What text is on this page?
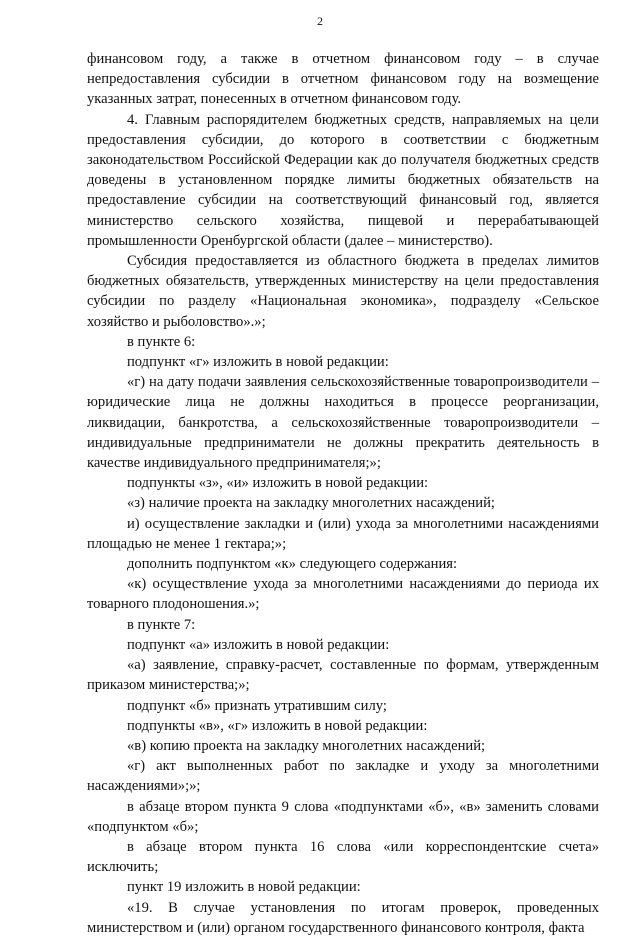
2

финансовом году, а также в отчетном финансовом году – в случае непредоставления субсидии в отчетном финансовом году на возмещение указанных затрат, понесенных в отчетном финансовом году.

4. Главным распорядителем бюджетных средств, направляемых на цели предоставления субсидии, до которого в соответствии с бюджетным законодательством Российской Федерации как до получателя бюджетных средств доведены в установленном порядке лимиты бюджетных обязательств на предоставление субсидии на соответствующий финансовый год, является министерство сельского хозяйства, пищевой и перерабатывающей промышленности Оренбургской области (далее – министерство).

Субсидия предоставляется из областного бюджета в пределах лимитов бюджетных обязательств, утвержденных министерству на цели предоставления субсидии по разделу «Национальная экономика», подразделу «Сельское хозяйство и рыболовство».»;

в пункте 6:

подпункт «г» изложить в новой редакции:

«г) на дату подачи заявления сельскохозяйственные товаропроизводители – юридические лица не должны находиться в процессе реорганизации, ликвидации, банкротства, а сельскохозяйственные товаропроизводители – индивидуальные предприниматели не должны прекратить деятельность в качестве индивидуального предпринимателя;»;

подпункты «з», «и» изложить в новой редакции:

«з) наличие проекта на закладку многолетних насаждений;

и) осуществление закладки и (или) ухода за многолетними насаждениями площадью не менее 1 гектара;»;

дополнить подпунктом «к» следующего содержания:

«к) осуществление ухода за многолетними насаждениями до периода их товарного плодоношения.»;

в пункте 7:

подпункт «а» изложить в новой редакции:

«а) заявление, справку-расчет, составленные по формам, утвержденным приказом министерства;»;

подпункт «б» признать утратившим силу;

подпункты «в», «г» изложить в новой редакции:

«в) копию проекта на закладку многолетних насаждений;

«г) акт выполненных работ по закладке и уходу за многолетними насаждениями»;»;

в абзаце втором пункта 9 слова «подпунктами «б», «в» заменить словами «подпунктом «б»;

в абзаце втором пункта 16 слова «или корреспондентские счета» исключить;

пункт 19 изложить в новой редакции:

«19. В случае установления по итогам проверок, проведенных министерством и (или) органом государственного финансового контроля, факта
